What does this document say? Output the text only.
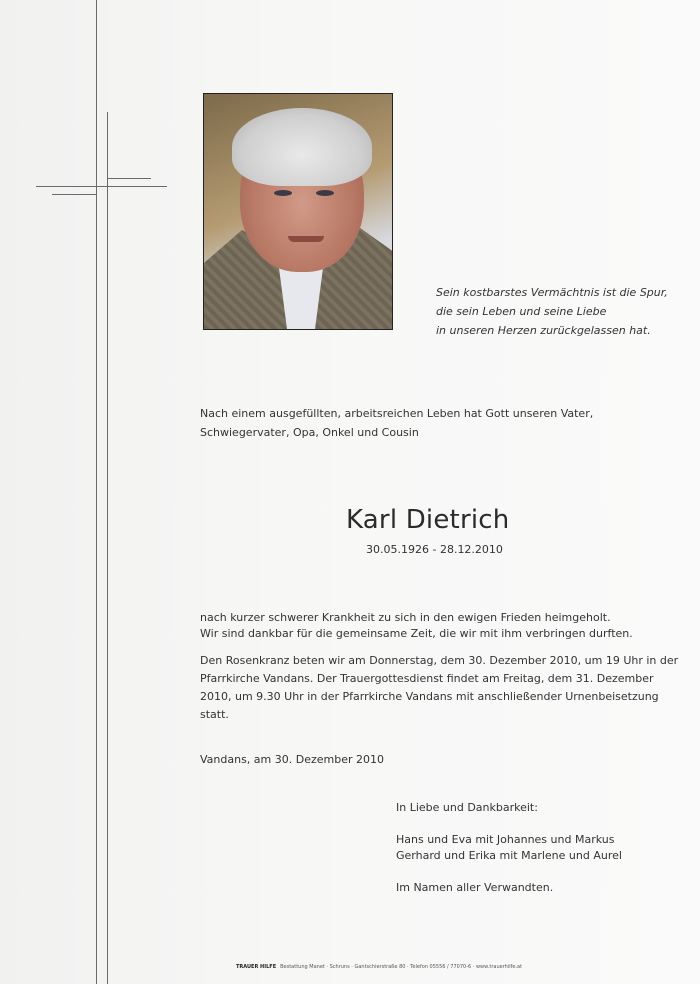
Sein kostbarstes Vermächtnis ist die Spur,
die sein Leben und seine Liebe
in unseren Herzen zurückgelassen hat.
Nach einem ausgefüllten, arbeitsreichen Leben hat Gott unseren Vater,
Schwiegervater, Opa, Onkel und Cousin
Karl Dietrich
30.05.1926 - 28.12.2010
nach kurzer schwerer Krankheit zu sich in den ewigen Frieden heimgeholt.
Wir sind dankbar für die gemeinsame Zeit, die wir mit ihm verbringen durften.
Den Rosenkranz beten wir am Donnerstag, dem 30. Dezember 2010, um 19 Uhr in der
Pfarrkirche Vandans. Der Trauergottesdienst findet am Freitag, dem 31. Dezember
2010, um 9.30 Uhr in der Pfarrkirche Vandans mit anschließender Urnenbeisetzung
statt.
Vandans, am 30. Dezember 2010
In Liebe und Dankbarkeit:
Hans und Eva mit Johannes und Markus
Gerhard und Erika mit Marlene und Aurel
Im Namen aller Verwandten.
TRAUER HILFE Bestattung Manet · Schruns · Gantschierstraße 80 · Telefon 05556 / 77070-6 · www.trauerhilfe.at
